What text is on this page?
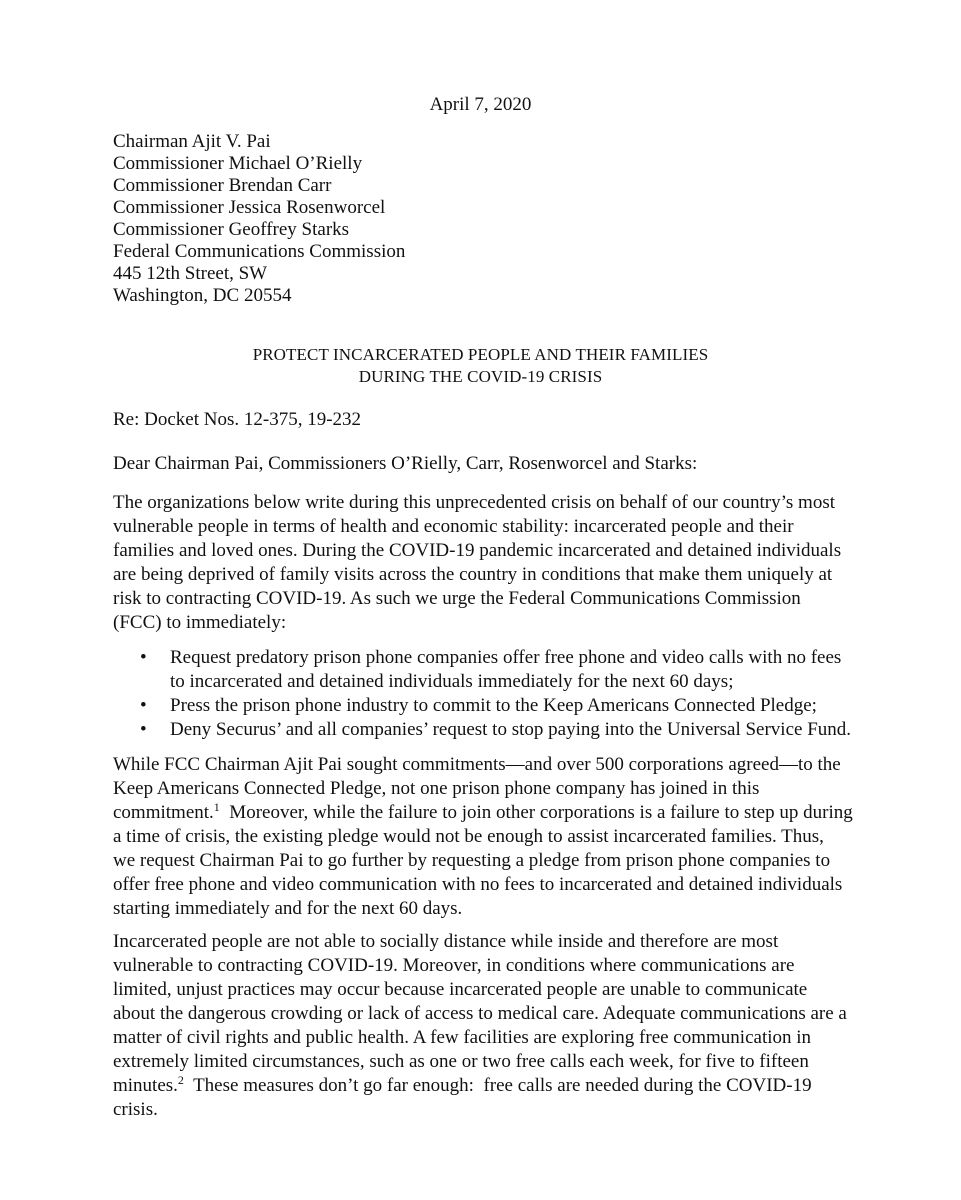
April 7, 2020
Chairman Ajit V. Pai
Commissioner Michael O’Rielly
Commissioner Brendan Carr
Commissioner Jessica Rosenworcel
Commissioner Geoffrey Starks
Federal Communications Commission
445 12th Street, SW
Washington, DC 20554
PROTECT INCARCERATED PEOPLE AND THEIR FAMILIES
DURING THE COVID-19 CRISIS
Re: Docket Nos. 12-375, 19-232
Dear Chairman Pai, Commissioners O’Rielly, Carr, Rosenworcel and Starks:
The organizations below write during this unprecedented crisis on behalf of our country’s most
vulnerable people in terms of health and economic stability: incarcerated people and their
families and loved ones. During the COVID-19 pandemic incarcerated and detained individuals
are being deprived of family visits across the country in conditions that make them uniquely at
risk to contracting COVID-19. As such we urge the Federal Communications Commission
(FCC) to immediately:
• Request predatory prison phone companies offer free phone and video calls with no fees
to incarcerated and detained individuals immediately for the next 60 days;
• Press the prison phone industry to commit to the Keep Americans Connected Pledge;
• Deny Securus’ and all companies’ request to stop paying into the Universal Service Fund.
While FCC Chairman Ajit Pai sought commitments—and over 500 corporations agreed—to the
Keep Americans Connected Pledge, not one prison phone company has joined in this
commitment.$^1$  Moreover, while the failure to join other corporations is a failure to step up during
a time of crisis, the existing pledge would not be enough to assist incarcerated families. Thus,
we request Chairman Pai to go further by requesting a pledge from prison phone companies to
offer free phone and video communication with no fees to incarcerated and detained individuals
starting immediately and for the next 60 days.
Incarcerated people are not able to socially distance while inside and therefore are most
vulnerable to contracting COVID-19. Moreover, in conditions where communications are
limited, unjust practices may occur because incarcerated people are unable to communicate
about the dangerous crowding or lack of access to medical care. Adequate communications are a
matter of civil rights and public health. A few facilities are exploring free communication in
extremely limited circumstances, such as one or two free calls each week, for five to fifteen
minutes.$^2$  These measures don’t go far enough:  free calls are needed during the COVID-19
crisis.
